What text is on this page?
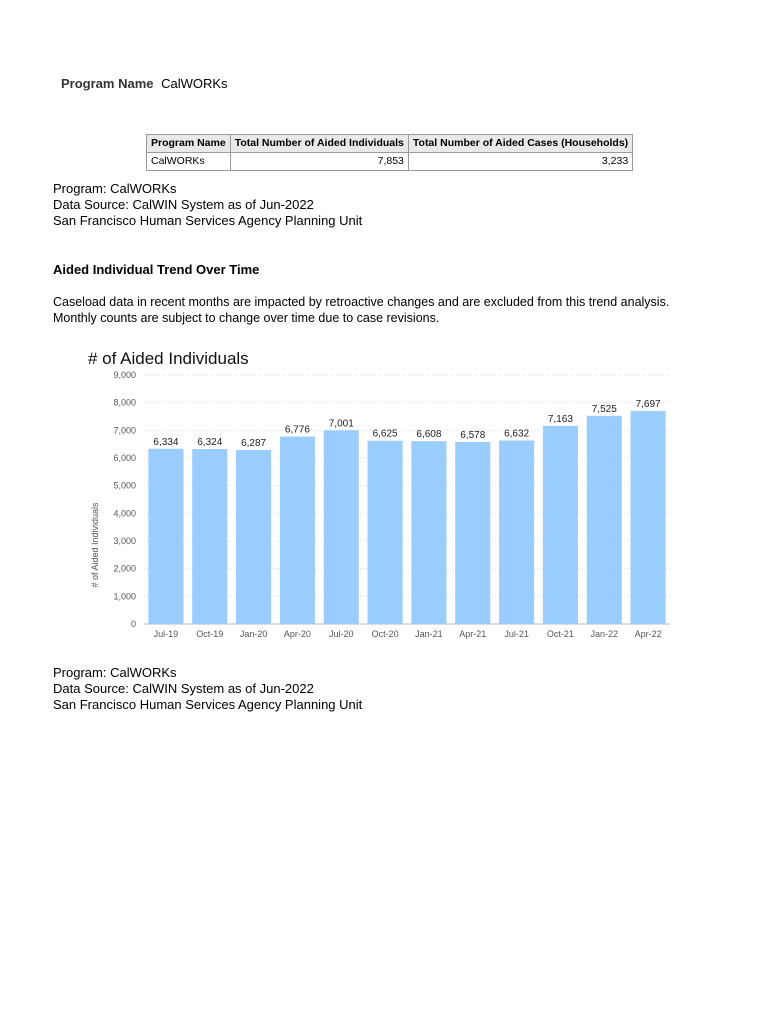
Program Name CalWORKs
Program Name	Total Number of Aided Individuals	Total Number of Aided Cases (Households)
CalWORKs	7,853	3,233
Program: CalWORKs
Data Source: CalWIN System as of Jun-2022
San Francisco Human Services Agency Planning Unit
Aided Individual Trend Over Time
Caseload data in recent months are impacted by retroactive changes and are excluded from this trend analysis.
Monthly counts are subject to change over time due to case revisions.
# of Aided Individuals
0
1,000
2,000
3,000
4,000
5,000
6,000
7,000
8,000
9,000
6,334
Jul-19
6,324
Oct-19
6,287
Jan-20
6,776
Apr-20
7,001
Jul-20
6,625
Oct-20
6,608
Jan-21
6,578
Apr-21
6,632
Jul-21
7,163
Oct-21
7,525
Jan-22
7,697
Apr-22
# of Aided Individuals
Program: CalWORKs
Data Source: CalWIN System as of Jun-2022
San Francisco Human Services Agency Planning Unit
